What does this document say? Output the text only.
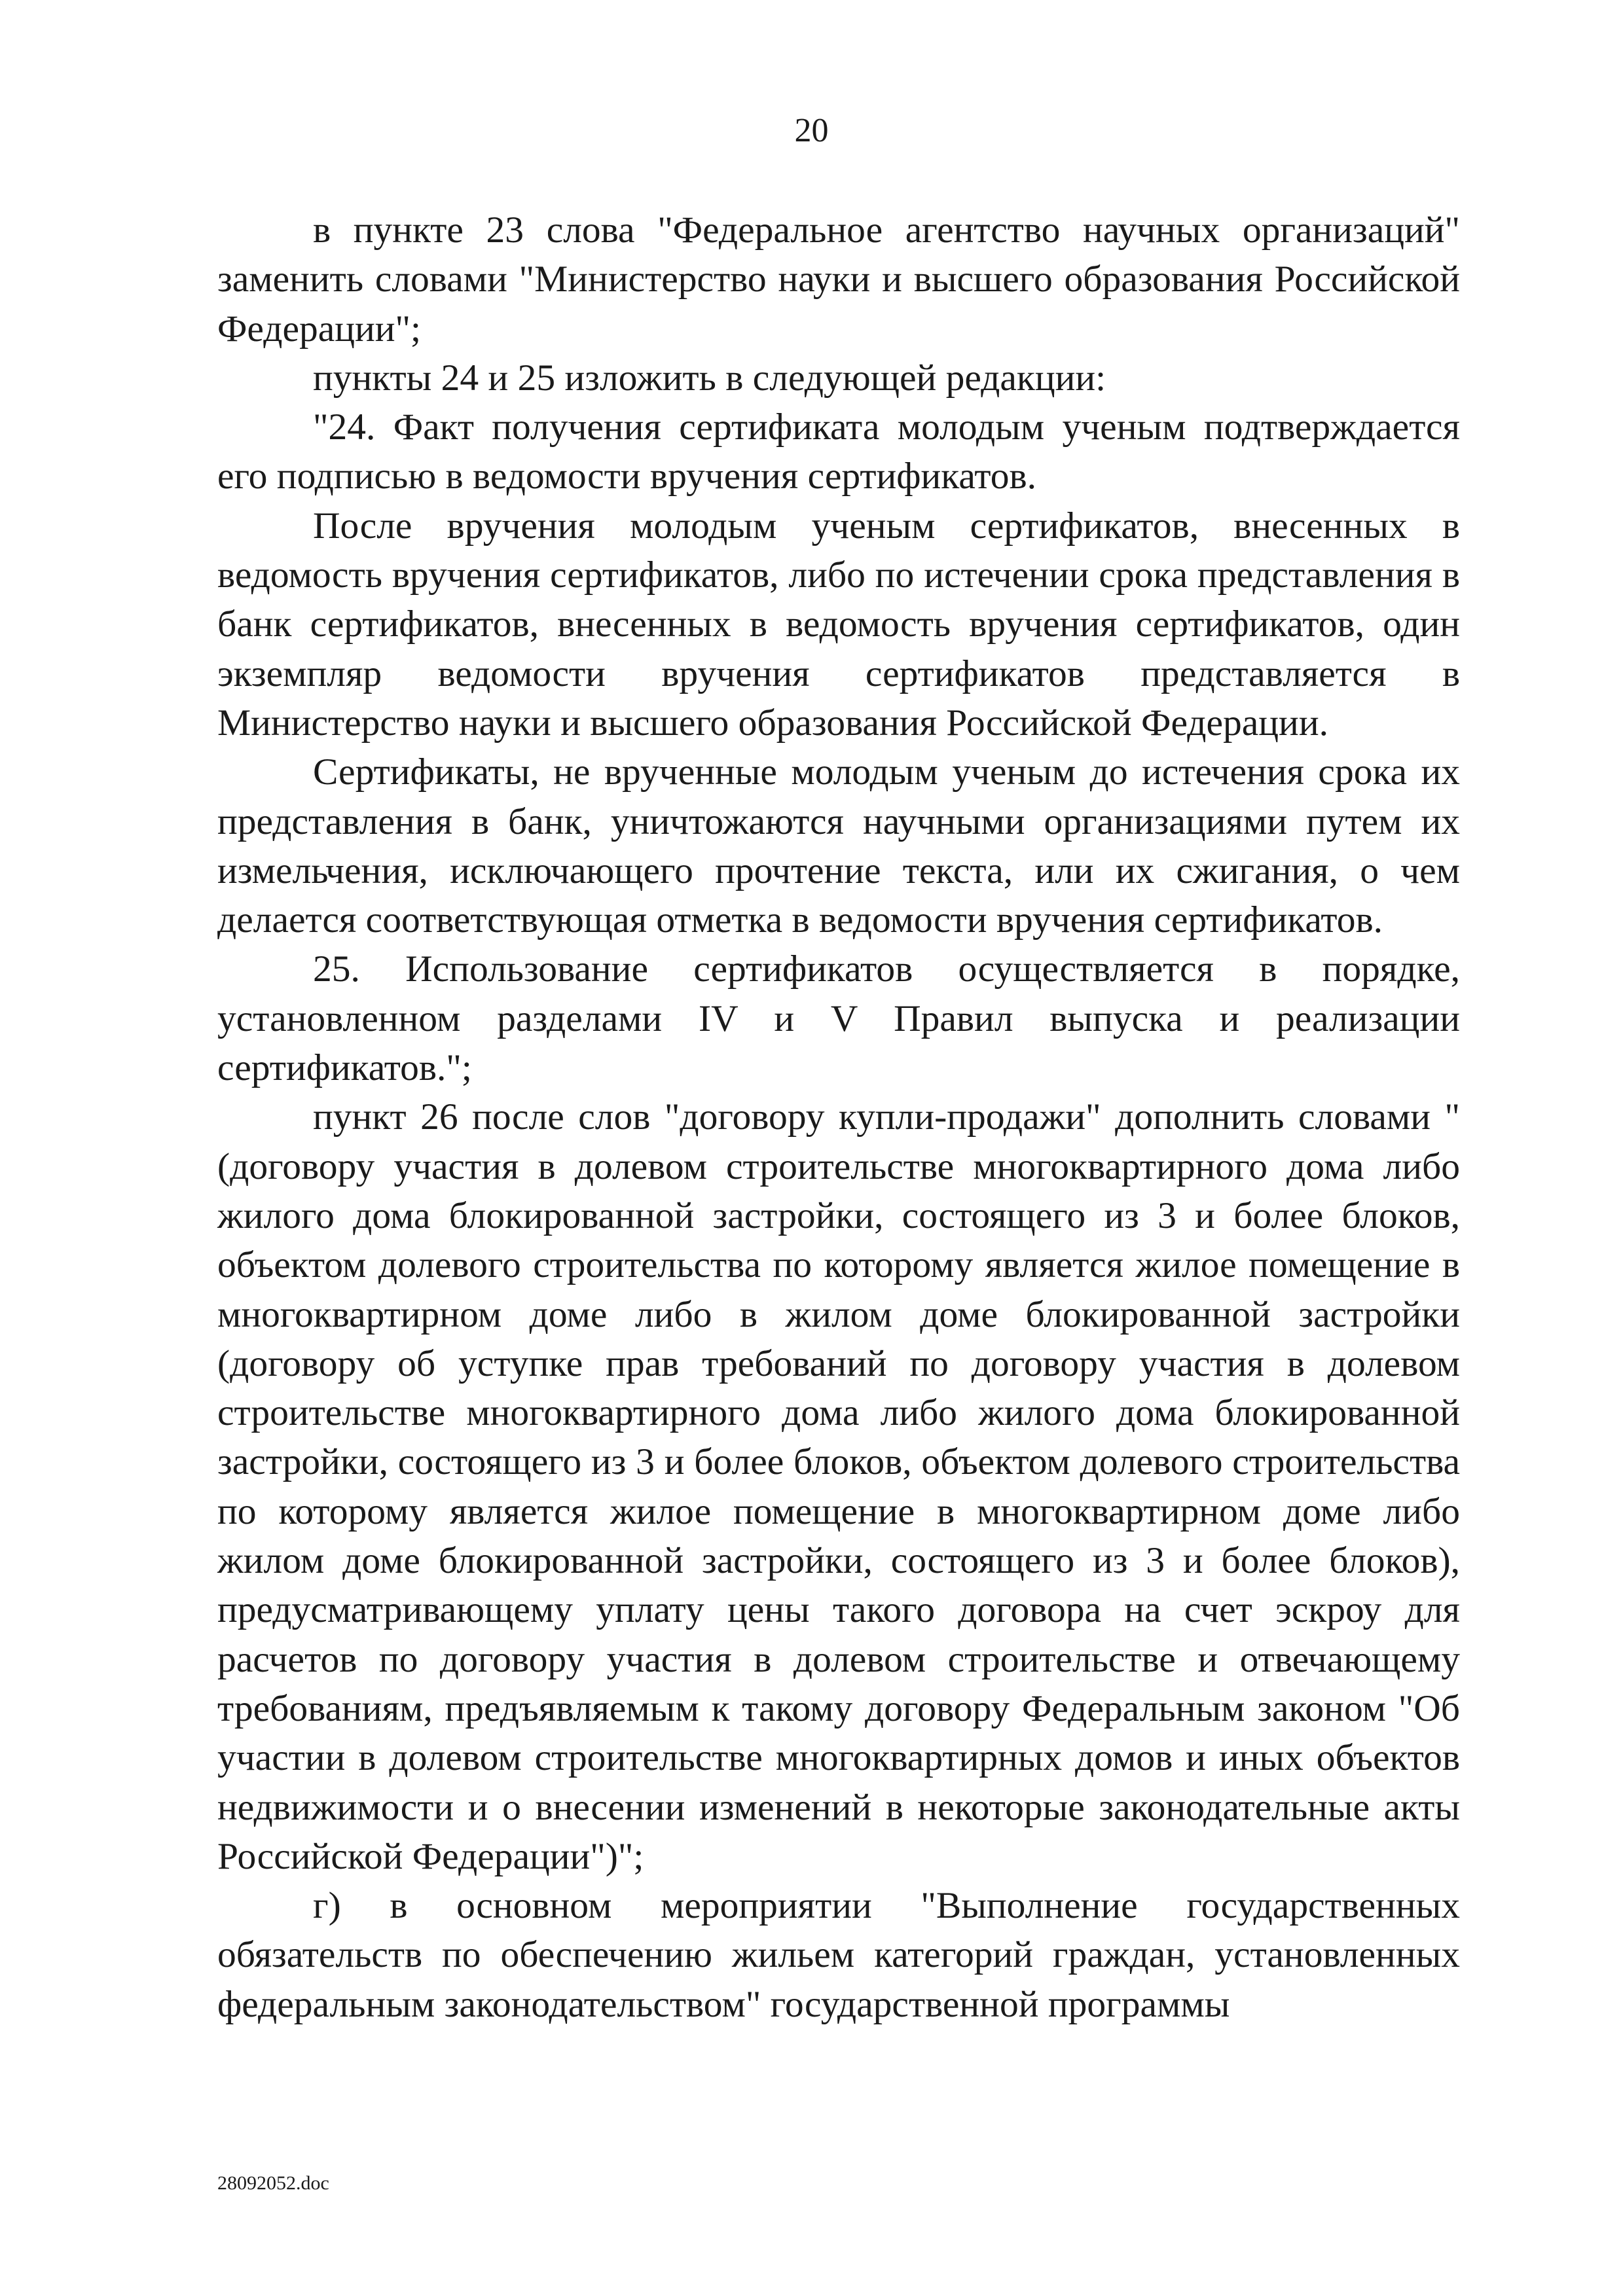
20

в пункте 23 слова "Федеральное агентство научных организаций" заменить словами "Министерство науки и высшего образования Российской Федерации";

пункты 24 и 25 изложить в следующей редакции:

"24. Факт получения сертификата молодым ученым подтверждается его подписью в ведомости вручения сертификатов.

После вручения молодым ученым сертификатов, внесенных в ведомость вручения сертификатов, либо по истечении срока представления в банк сертификатов, внесенных в ведомость вручения сертификатов, один экземпляр ведомости вручения сертификатов представляется в Министерство науки и высшего образования Российской Федерации.

Сертификаты, не врученные молодым ученым до истечения срока их представления в банк, уничтожаются научными организациями путем их измельчения, исключающего прочтение текста, или их сжигания, о чем делается соответствующая отметка в ведомости вручения сертификатов.

25. Использование сертификатов осуществляется в порядке, установленном разделами IV и V Правил выпуска и реализации сертификатов.";

пункт 26 после слов "договору купли-продажи" дополнить словами "(договору участия в долевом строительстве многоквартирного дома либо жилого дома блокированной застройки, состоящего из 3 и более блоков, объектом долевого строительства по которому является жилое помещение в многоквартирном доме либо в жилом доме блокированной застройки (договору об уступке прав требований по договору участия в долевом строительстве многоквартирного дома либо жилого дома блокированной застройки, состоящего из 3 и более блоков, объектом долевого строительства по которому является жилое помещение в многоквартирном доме либо жилом доме блокированной застройки, состоящего из 3 и более блоков), предусматривающему уплату цены такого договора на счет эскроу для расчетов по договору участия в долевом строительстве и отвечающему требованиям, предъявляемым к такому договору Федеральным законом "Об участии в долевом строительстве многоквартирных домов и иных объектов недвижимости и о внесении изменений в некоторые законодательные акты Российской Федерации")";

г) в основном мероприятии "Выполнение государственных обязательств по обеспечению жильем категорий граждан, установленных федеральным законодательством" государственной программы

28092052.doc
